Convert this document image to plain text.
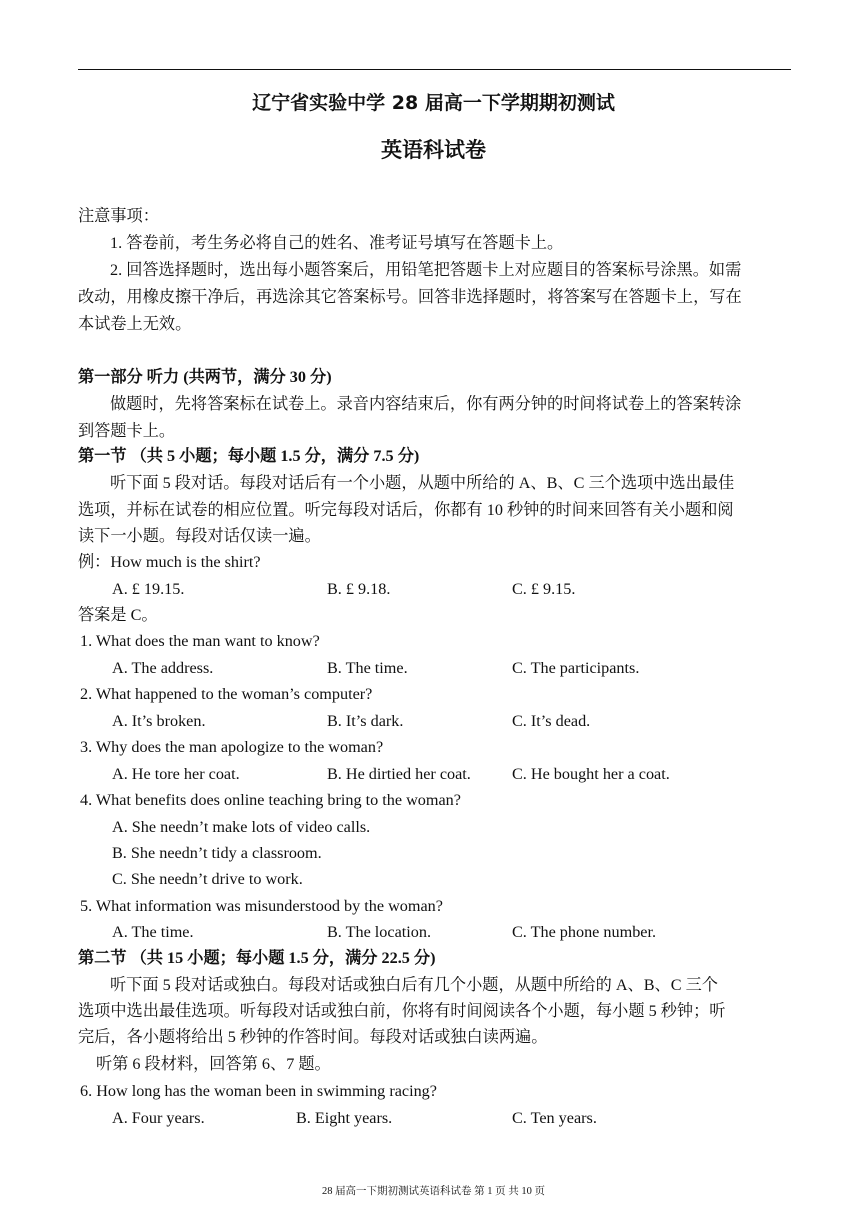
辽宁省实验中学 28 届高一下学期期初测试
英语科试卷
注意事项：
1. 答卷前，考生务必将自己的姓名、准考证号填写在答题卡上。
2. 回答选择题时，选出每小题答案后，用铅笔把答题卡上对应题目的答案标号涂黑。如需
改动，用橡皮擦干净后，再选涂其它答案标号。回答非选择题时，将答案写在答题卡上，写在
本试卷上无效。
第一部分 听力 (共两节，满分 30 分)
做题时，先将答案标在试卷上。录音内容结束后，你有两分钟的时间将试卷上的答案转涂
到答题卡上。
第一节 （共 5 小题；每小题 1.5 分，满分 7.5 分)
听下面 5 段对话。每段对话后有一个小题，从题中所给的 A、B、C 三个选项中选出最佳
选项，并标在试卷的相应位置。听完每段对话后，你都有 10 秒钟的时间来回答有关小题和阅
读下一小题。每段对话仅读一遍。
例：How much is the shirt?
A. £ 19.15.	B. £ 9.18.	C. £ 9.15.
答案是 C。
1. What does the man want to know?
A. The address.	B. The time.	C. The participants.
2. What happened to the woman’s computer?
A. It’s broken.	B. It’s dark.	C. It’s dead.
3. Why does the man apologize to the woman?
A. He tore her coat.	B. He dirtied her coat.	C. He bought her a coat.
4. What benefits does online teaching bring to the woman?
A. She needn’t make lots of video calls.
B. She needn’t tidy a classroom.
C. She needn’t drive to work.
5. What information was misunderstood by the woman?
A. The time.	B. The location.	C. The phone number.
第二节 （共 15 小题；每小题 1.5 分，满分 22.5 分)
听下面 5 段对话或独白。每段对话或独白后有几个小题，从题中所给的 A、B、C 三个
选项中选出最佳选项。听每段对话或独白前，你将有时间阅读各个小题，每小题 5 秒钟；听
完后，各小题将给出 5 秒钟的作答时间。每段对话或独白读两遍。
听第 6 段材料，回答第 6、7 题。
6. How long has the woman been in swimming racing?
A. Four years.	B. Eight years.	C. Ten years.
28 届高一下期初测试英语科试卷 第 1 页 共 10 页
